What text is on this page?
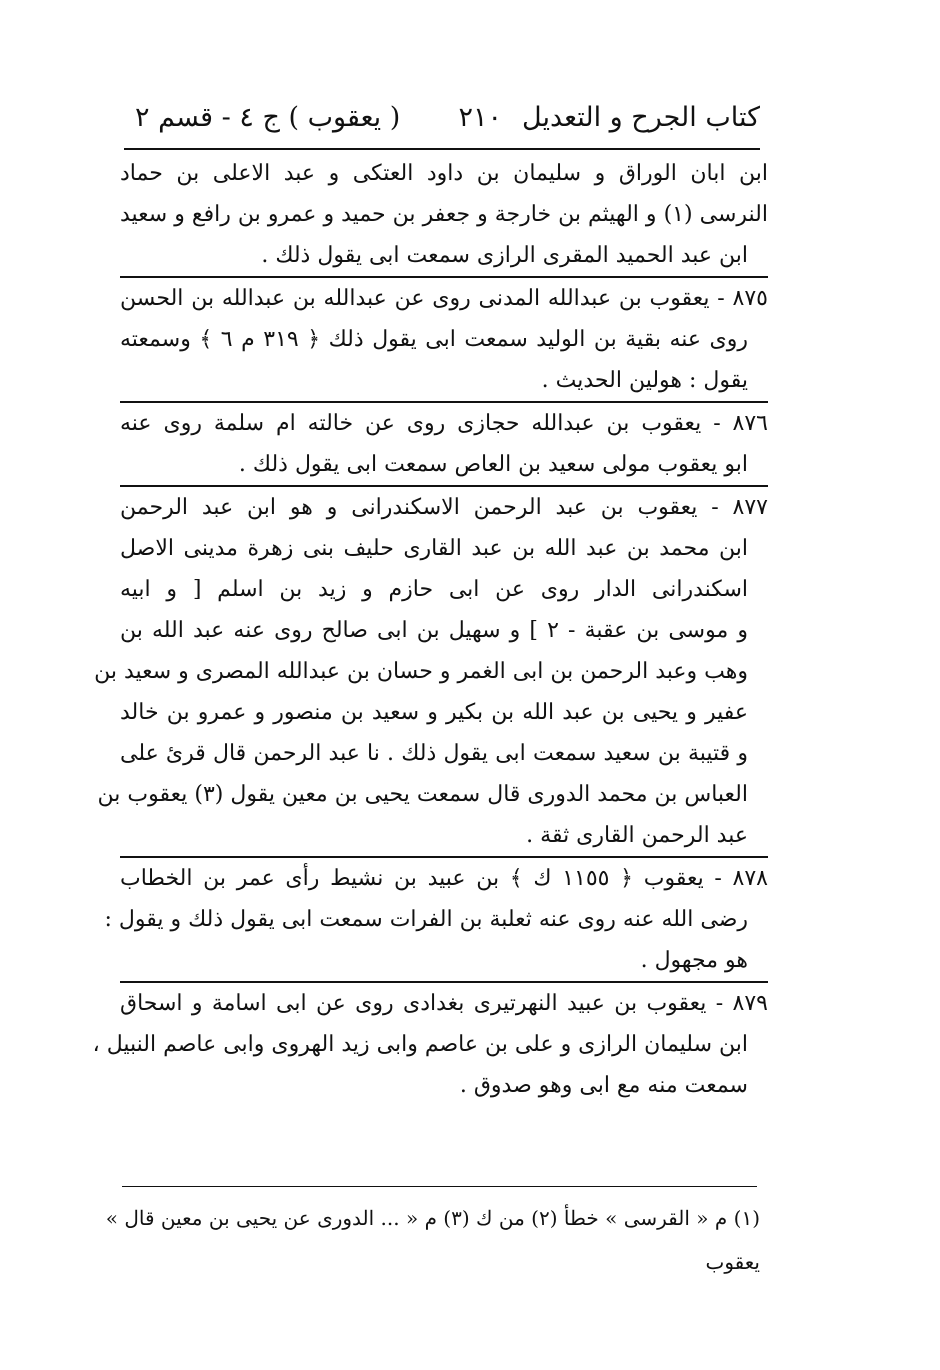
كتاب الجرح و التعديل
٢١٠
( يعقوب ) ج ٤ - قسم ٢
ابن ابان الوراق و سليمان بن داود العتكى و عبد الاعلى بن حماد
النرسى (١) و الهيثم بن خارجة و جعفر بن حميد و عمرو بن رافع و سعيد
ابن عبد الحميد المقرى الرازى سمعت ابى يقول ذلك .
٨٧٥ - يعقوب بن عبدالله المدنى روى عن عبدالله بن عبدالله بن الحسن
روى عنه بقية بن الوليد سمعت ابى يقول ذلك ﴿ ٣١٩ م ٦ ﴾ وسمعته
يقول : هولين الحديث .
٨٧٦ - يعقوب بن عبدالله حجازى روى عن خالته ام سلمة روى عنه
ابو يعقوب مولى سعيد بن العاص سمعت ابى يقول ذلك .
٨٧٧ - يعقوب بن عبد الرحمن الاسكندرانى و هو ابن عبد الرحمن
ابن محمد بن عبد الله بن عبد القارى حليف بنى زهرة مدينى الاصل
اسكندرانى الدار روى عن ابى حازم و زيد بن اسلم [ و ابيه
و موسى بن عقبة - ٢ ] و سهيل بن ابى صالح روى عنه عبد الله بن
وهب وعبد الرحمن بن ابى الغمر و حسان بن عبدالله المصرى و سعيد بن
عفير و يحيى بن عبد الله بن بكير و سعيد بن منصور و عمرو بن خالد
و قتيبة بن سعيد سمعت ابى يقول ذلك . نا عبد الرحمن قال قرئ على
العباس بن محمد الدورى قال سمعت يحيى بن معين يقول (٣) يعقوب بن
عبد الرحمن القارى ثقة .
٨٧٨ - يعقوب ﴿ ١١٥٥ ك ﴾ بن عبيد بن نشيط رأى عمر بن الخطاب
رضى الله عنه روى عنه ثعلبة بن الفرات سمعت ابى يقول ذلك و يقول :
هو مجهول .
٨٧٩ - يعقوب بن عبيد النهرتيرى بغدادى روى عن ابى اسامة و اسحاق
ابن سليمان الرازى و على بن عاصم وابى زيد الهروى وابى عاصم النبيل ،
سمعت منه مع ابى وهو صدوق .
(١) م « القرسى » خطأ (٢) من ك (٣) م « ... الدورى عن يحيى بن معين قال »
يعقوب
